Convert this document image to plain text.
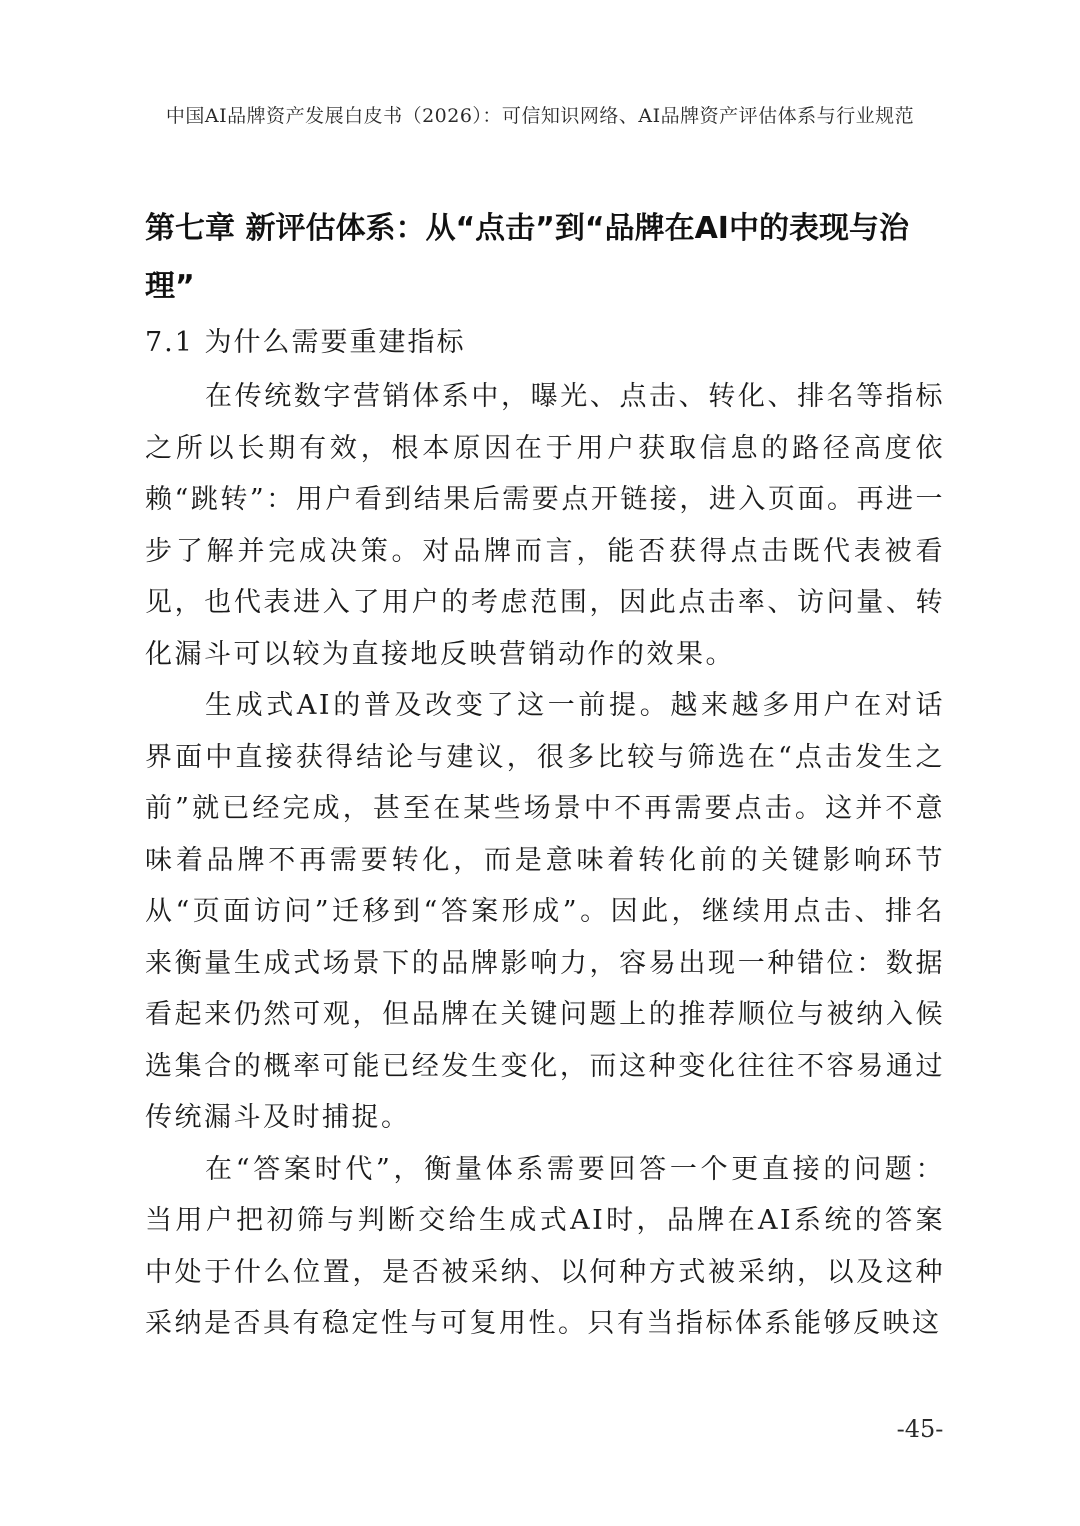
中国AI品牌资产发展白皮书（2026）：可信知识网络、AI品牌资产评估体系与行业规范
第七章 新评估体系：从“点击”到“品牌在AI中的表现与治理”
7.1 为什么需要重建指标

在传统数字营销体系中，曝光、点击、转化、排名等指标之所以长期有效，根本原因在于用户获取信息的路径高度依赖“跳转”：用户看到结果后需要点开链接，进入页面。再进一步了解并完成决策。对品牌而言，能否获得点击既代表被看见，也代表进入了用户的考虑范围，因此点击率、访问量、转化漏斗可以较为直接地反映营销动作的效果。

生成式AI的普及改变了这一前提。越来越多用户在对话界面中直接获得结论与建议，很多比较与筛选在“点击发生之前”就已经完成，甚至在某些场景中不再需要点击。这并不意味着品牌不再需要转化，而是意味着转化前的关键影响环节从“页面访问”迁移到“答案形成”。因此，继续用点击、排名来衡量生成式场景下的品牌影响力，容易出现一种错位：数据看起来仍然可观，但品牌在关键问题上的推荐顺位与被纳入候选集合的概率可能已经发生变化，而这种变化往往不容易通过传统漏斗及时捕捉。

在“答案时代”，衡量体系需要回答一个更直接的问题：当用户把初筛与判断交给生成式AI时，品牌在AI系统的答案中处于什么位置，是否被采纳、以何种方式被采纳，以及这种采纳是否具有稳定性与可复用性。只有当指标体系能够反映这

-45-
